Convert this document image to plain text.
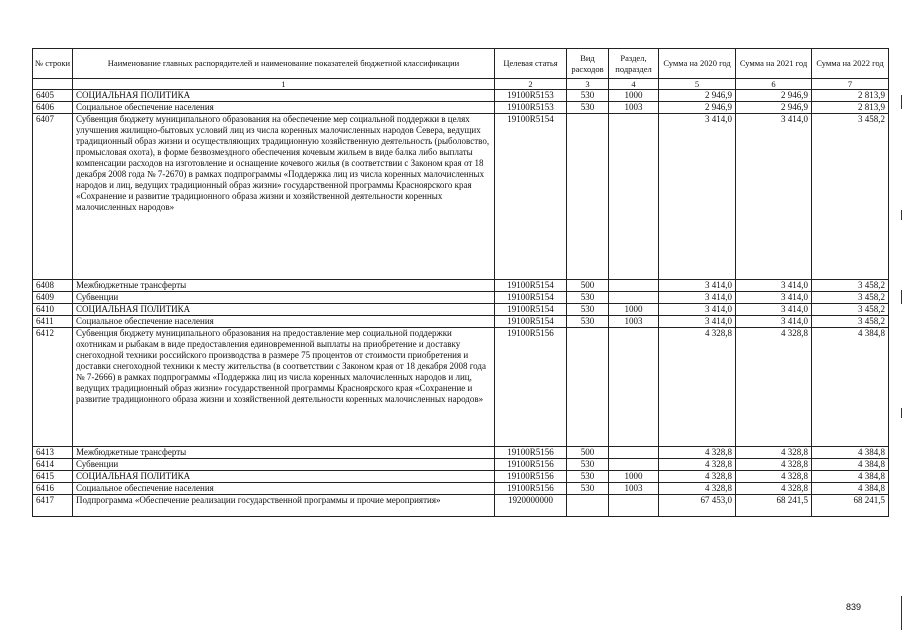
№ строки	Наименование главных распорядителей и наименование показателей бюджетной классификации	Целевая статья	Вид расходов	Раздел, подраздел	Сумма на 2020 год	Сумма на 2021 год	Сумма на 2022 год
	1	2	3	4	5	6	7
6405	СОЦИАЛЬНАЯ ПОЛИТИКА	19100R5153	530	1000	2 946,9	2 946,9	2 813,9
6406	Социальное обеспечение населения	19100R5153	530	1003	2 946,9	2 946,9	2 813,9
6407	Субвенция бюджету муниципального образования на обеспечение мер социальной поддержки в целях улучшения жилищно-бытовых условий лиц из числа коренных малочисленных народов Севера, ведущих традиционный образ жизни и осуществляющих традиционную хозяйственную деятельность (рыболовство, промысловая охота), в форме безвозмездного обеспечения кочевым жильем в виде балка либо выплаты компенсации расходов на изготовление и оснащение кочевого жилья (в соответствии с Законом края от 18 декабря 2008 года № 7-2670) в рамках подпрограммы «Поддержка лиц из числа коренных малочисленных народов и лиц, ведущих традиционный образ жизни» государственной программы Красноярского края «Сохранение и развитие традиционного образа жизни и хозяйственной деятельности коренных малочисленных народов»	19100R5154			3 414,0	3 414,0	3 458,2
6408	Межбюджетные трансферты	19100R5154	500		3 414,0	3 414,0	3 458,2
6409	Субвенции	19100R5154	530		3 414,0	3 414,0	3 458,2
6410	СОЦИАЛЬНАЯ ПОЛИТИКА	19100R5154	530	1000	3 414,0	3 414,0	3 458,2
6411	Социальное обеспечение населения	19100R5154	530	1003	3 414,0	3 414,0	3 458,2
6412	Субвенция бюджету муниципального образования на предоставление мер социальной поддержки охотникам и рыбакам в виде предоставления единовременной выплаты на приобретение и доставку снегоходной техники российского производства в размере 75 процентов от стоимости приобретения и доставки снегоходной техники к месту жительства (в соответствии с Законом края от 18 декабря 2008 года № 7-2666) в рамках подпрограммы «Поддержка лиц из числа коренных малочисленных народов и лиц, ведущих традиционный образ жизни» государственной программы Красноярского края «Сохранение и развитие традиционного образа жизни и хозяйственной деятельности коренных малочисленных народов»	19100R5156			4 328,8	4 328,8	4 384,8
6413	Межбюджетные трансферты	19100R5156	500		4 328,8	4 328,8	4 384,8
6414	Субвенции	19100R5156	530		4 328,8	4 328,8	4 384,8
6415	СОЦИАЛЬНАЯ ПОЛИТИКА	19100R5156	530	1000	4 328,8	4 328,8	4 384,8
6416	Социальное обеспечение населения	19100R5156	530	1003	4 328,8	4 328,8	4 384,8
6417	Подпрограмма «Обеспечение реализации государственной программы и прочие мероприятия»	1920000000			67 453,0	68 241,5	68 241,5
839
